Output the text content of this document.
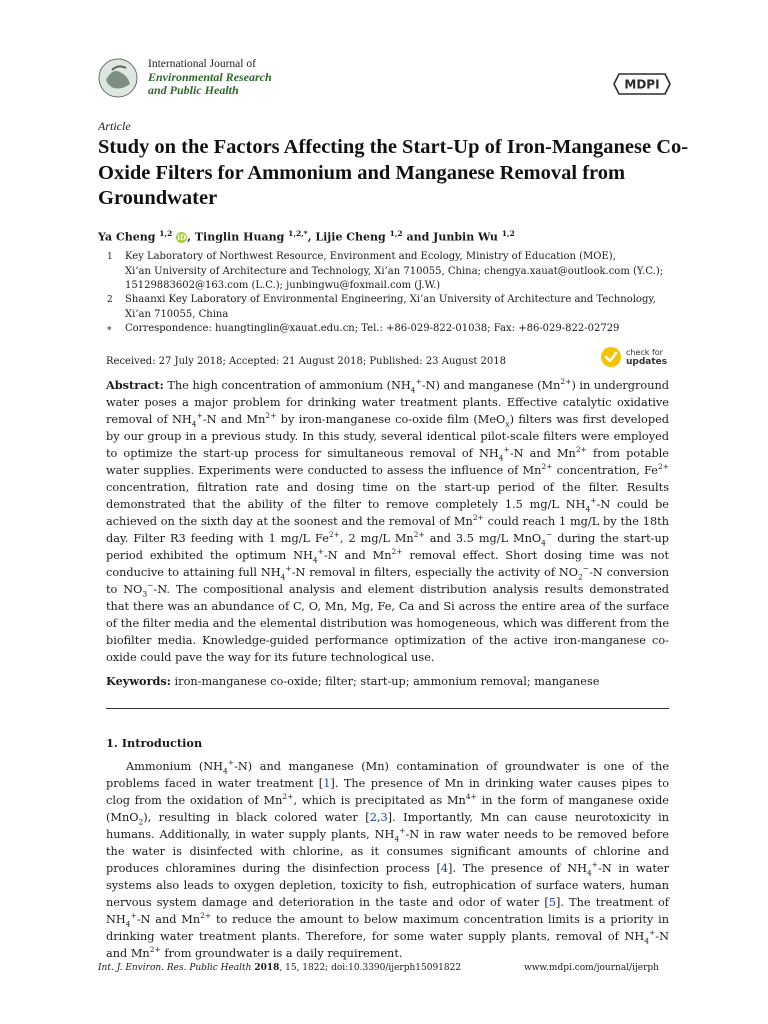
International Journal of
Environmental Research
and Public Health	MDPI
Article
Study on the Factors Affecting the Start-Up of Iron-Manganese Co-Oxide Filters for Ammonium and Manganese Removal from Groundwater
Ya Cheng $^{1,2}$ iD, Tinglin Huang $^{1,2,*}$, Lijie Cheng $^{1,2}$ and Junbin Wu $^{1,2}$
1 Key Laboratory of Northwest Resource, Environment and Ecology, Ministry of Education (MOE),
Xi’an University of Architecture and Technology, Xi’an 710055, China; chengya.xauat@outlook.com (Y.C.);
15129883602@163.com (L.C.); junbingwu@foxmail.com (J.W.)
2 Shaanxi Key Laboratory of Environmental Engineering, Xi’an University of Architecture and Technology,
Xi’an 710055, China
* Correspondence: huangtinglin@xauat.edu.cn; Tel.: +86-029-822-01038; Fax: +86-029-822-02729
Received: 27 July 2018; Accepted: 21 August 2018; Published: 23 August 2018
check for
updates
Abstract: The high concentration of ammonium $(NH_4^+-N)$ and manganese $(Mn^{2+})$ in underground water poses a major problem for drinking water treatment plants. Effective catalytic oxidative removal of $NH_4^+-N$ and $Mn^{2+}$ by iron-manganese co-oxide film (MeO$_x$) filters was first developed by our group in a previous study. In this study, several identical pilot-scale filters were employed to optimize the start-up process for simultaneous removal of $NH_4^+-N$ and $Mn^{2+}$ from potable water supplies. Experiments were conducted to assess the influence of $Mn^{2+}$ concentration, $Fe^{2+}$ concentration, filtration rate and dosing time on the start-up period of the filter. Results demonstrated that the ability of the filter to remove completely 1.5 mg/L $NH_4^+-N$ could be achieved on the sixth day at the soonest and the removal of $Mn^{2+}$ could reach 1 mg/L by the 18th day. Filter R3 feeding with 1 mg/L $Fe^{2+}$, 2 mg/L $Mn^{2+}$ and 3.5 mg/L MnO$_4$− during the start-up period exhibited the optimum $NH_4^+-N$ and $Mn^{2+}$ removal effect. Short dosing time was not conducive to attaining full $NH_4^+-N$ removal in filters, especially the activity of $NO_2^--N$ conversion to $NO_3^--N$. The compositional analysis and element distribution analysis results demonstrated that there was an abundance of C, O, Mn, Mg, Fe, Ca and Si across the entire area of the surface of the filter media and the elemental distribution was homogeneous, which was different from the biofilter media. Knowledge-guided performance optimization of the active iron-manganese co-oxide could pave the way for its future technological use.
Keywords: iron-manganese co-oxide; filter; start-up; ammonium removal; manganese
1. Introduction
Ammonium $(NH_4^+-N)$ and manganese (Mn) contamination of groundwater is one of the problems faced in water treatment [1]. The presence of Mn in drinking water causes pipes to clog from the oxidation of $Mn^{2+}$, which is precipitated as $Mn^{4+}$ in the form of manganese oxide (MnO$_2$), resulting in black colored water [2,3]. Importantly, Mn can cause neurotoxicity in humans. Additionally, in water supply plants, $NH_4^+-N$ in raw water needs to be removed before the water is disinfected with chlorine, as it consumes significant amounts of chlorine and produces chloramines during the disinfection process [4]. The presence of $NH_4^+-N$ in water systems also leads to oxygen depletion, toxicity to fish, eutrophication of surface waters, human nervous system damage and deterioration in the taste and odor of water [5]. The treatment of $NH_4^+-N$ and $Mn^{2+}$ to reduce the amount to below maximum concentration limits is a priority in drinking water treatment plants. Therefore, for some water supply plants, removal of $NH_4^+-N$ and $Mn^{2+}$ from groundwater is a daily requirement.
Int. J. Environ. Res. Public Health 2018, 15, 1822; doi:10.3390/ijerph15091822	www.mdpi.com/journal/ijerph
